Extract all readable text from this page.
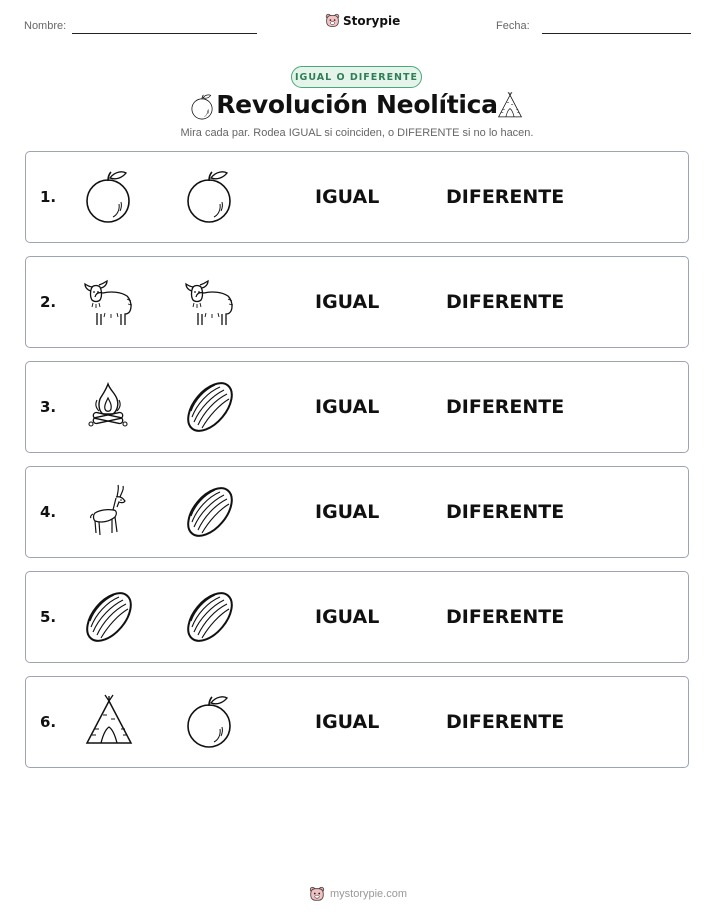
Nombre:	Storypie	Fecha:
IGUAL O DIFERENTE
Revolución Neolítica
Mira cada par. Rodea IGUAL si coinciden, o DIFERENTE si no lo hacen.
1.	IGUAL	DIFERENTE
2.	IGUAL	DIFERENTE
3.	IGUAL	DIFERENTE
4.	IGUAL	DIFERENTE
5.	IGUAL	DIFERENTE
6.	IGUAL	DIFERENTE
mystorypie.com
